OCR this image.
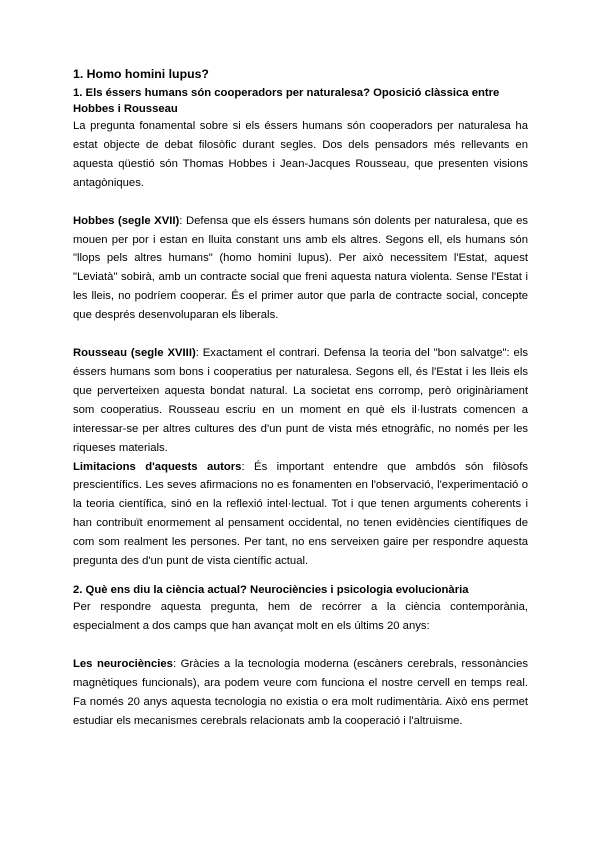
1. Homo homini lupus?
1. Els éssers humans són cooperadors per naturalesa? Oposició clàssica entre Hobbes i Rousseau

La pregunta fonamental sobre si els éssers humans són cooperadors per naturalesa ha estat objecte de debat filosòfic durant segles. Dos dels pensadors més rellevants en aquesta qüestió són Thomas Hobbes i Jean-Jacques Rousseau, que presenten visions antagòniques.

Hobbes (segle XVII): Defensa que els éssers humans són dolents per naturalesa, que es mouen per por i estan en lluita constant uns amb els altres. Segons ell, els humans són "llops pels altres humans" (homo homini lupus). Per això necessitem l'Estat, aquest "Leviatà" sobirà, amb un contracte social que freni aquesta natura violenta. Sense l'Estat i les lleis, no podríem cooperar. És el primer autor que parla de contracte social, concepte que després desenvoluparan els liberals.

Rousseau (segle XVIII): Exactament el contrari. Defensa la teoria del "bon salvatge": els éssers humans som bons i cooperatius per naturalesa. Segons ell, és l'Estat i les lleis els que perverteixen aquesta bondat natural. La societat ens corromp, però originàriament som cooperatius. Rousseau escriu en un moment en què els il·lustrats comencen a interessar-se per altres cultures des d'un punt de vista més etnogràfic, no només per les riqueses materials.

Limitacions d'aquests autors: És important entendre que ambdós són filòsofs prescientífics. Les seves afirmacions no es fonamenten en l'observació, l'experimentació o la teoria científica, sinó en la reflexió intel·lectual. Tot i que tenen arguments coherents i han contribuït enormement al pensament occidental, no tenen evidències científiques de com som realment les persones. Per tant, no ens serveixen gaire per respondre aquesta pregunta des d'un punt de vista científic actual.

2. Què ens diu la ciència actual? Neurociències i psicologia evolucionària

Per respondre aquesta pregunta, hem de recórrer a la ciència contemporània, especialment a dos camps que han avançat molt en els últims 20 anys:

Les neurociències: Gràcies a la tecnologia moderna (escàners cerebrals, ressonàncies magnètiques funcionals), ara podem veure com funciona el nostre cervell en temps real. Fa només 20 anys aquesta tecnologia no existia o era molt rudimentària. Això ens permet estudiar els mecanismes cerebrals relacionats amb la cooperació i l'altruisme.
